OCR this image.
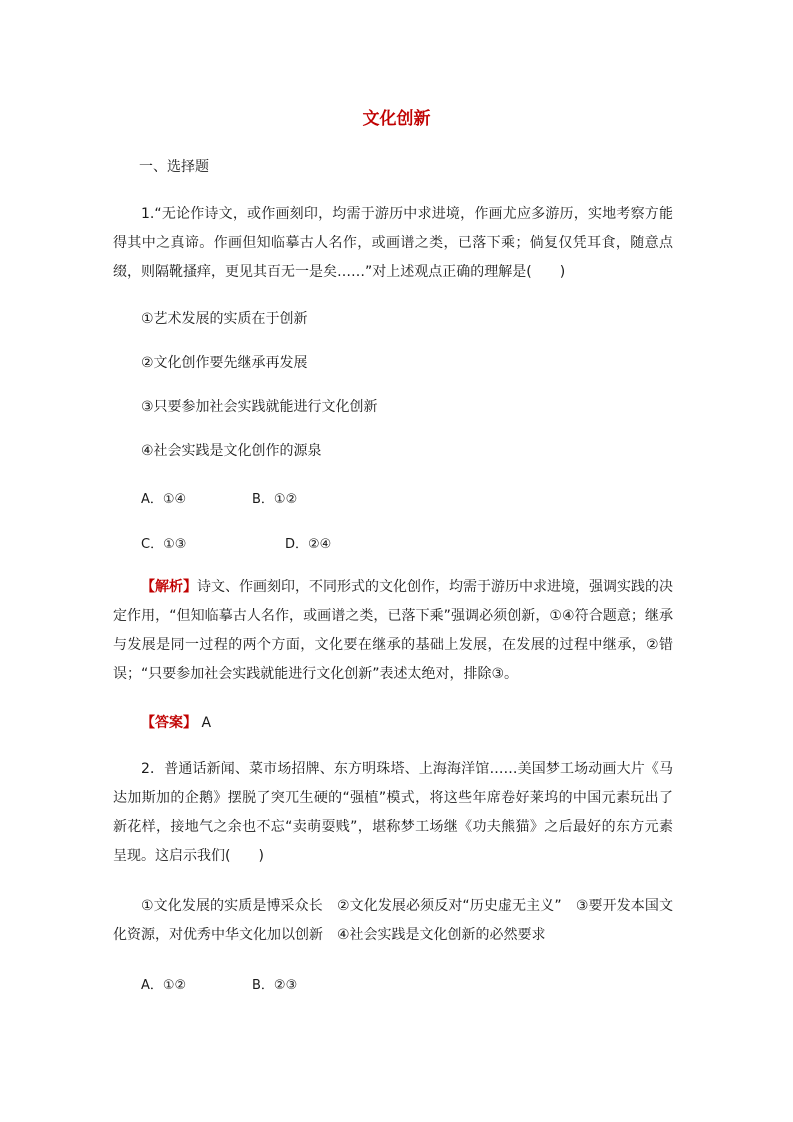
文化创新
一、选择题
1.“无论作诗文，或作画刻印，均需于游历中求进境，作画尤应多游历，实地考察方能得其中之真谛。作画但知临摹古人名作，或画谱之类，已落下乘；倘复仅凭耳食，随意点缀，则隔靴搔痒，更见其百无一是矣……”对上述观点正确的理解是(　　)
①艺术发展的实质在于创新
②文化创作要先继承再发展
③只要参加社会实践就能进行文化创新
④社会实践是文化创作的源泉
A．①④	B．①②
C．①③	D．②④
【解析】诗文、作画刻印，不同形式的文化创作，均需于游历中求进境，强调实践的决定作用，“但知临摹古人名作，或画谱之类，已落下乘”强调必须创新，①④符合题意；继承与发展是同一过程的两个方面，文化要在继承的基础上发展，在发展的过程中继承，②错误；“只要参加社会实践就能进行文化创新”表述太绝对，排除③。
【答案】 A
2．普通话新闻、菜市场招牌、东方明珠塔、上海海洋馆……美国梦工场动画大片《马达加斯加的企鹅》摆脱了突兀生硬的“强植”模式，将这些年席卷好莱坞的中国元素玩出了新花样，接地气之余也不忘“卖萌耍贱”，堪称梦工场继《功夫熊猫》之后最好的东方元素呈现。这启示我们(　　)
①文化发展的实质是博采众长　②文化发展必须反对“历史虚无主义”　③要开发本国文化资源，对优秀中华文化加以创新　④社会实践是文化创新的必然要求
A．①②	B．②③
